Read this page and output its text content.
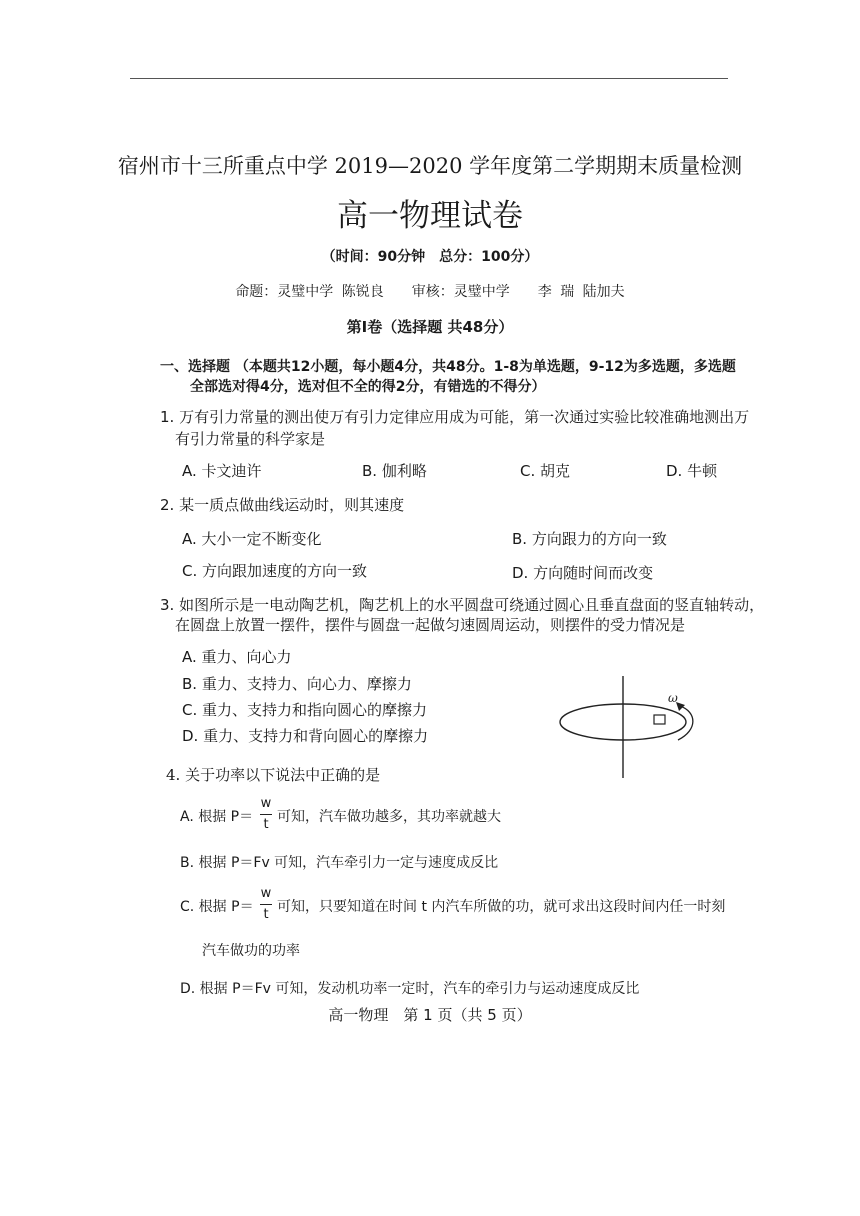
宿州市十三所重点中学 2019—2020 学年度第二学期期末质量检测
高一物理试卷
（时间：90分钟　总分：100分）
命题：灵璧中学 陈锐良　　审核：灵璧中学　　李 瑞 陆加夫
第I卷（选择题 共48分）
一、选择题 （本题共12小题，每小题4分，共48分。1-8为单选题，9-12为多选题，多选题
全部选对得4分，选对但不全的得2分，有错选的不得分）
1. 万有引力常量的测出使万有引力定律应用成为可能，第一次通过实验比较准确地测出万
有引力常量的科学家是
A. 卡文迪许	B. 伽利略	C. 胡克	D. 牛顿
2. 某一质点做曲线运动时，则其速度
A. 大小一定不断变化	B. 方向跟力的方向一致
C. 方向跟加速度的方向一致	D. 方向随时间而改变
3. 如图所示是一电动陶艺机，陶艺机上的水平圆盘可绕通过圆心且垂直盘面的竖直轴转动，
在圆盘上放置一摆件，摆件与圆盘一起做匀速圆周运动，则摆件的受力情况是
A. 重力、向心力
B. 重力、支持力、向心力、摩擦力
C. 重力、支持力和指向圆心的摩擦力
D. 重力、支持力和背向圆心的摩擦力
ω
4. 关于功率以下说法中正确的是
A. 根据 P＝
w
t 可知，汽车做功越多，其功率就越大
B. 根据 P＝Fv 可知，汽车牵引力一定与速度成反比
C. 根据 P＝
w
t 可知，只要知道在时间 t 内汽车所做的功，就可求出这段时间内任一时刻
汽车做功的功率
D. 根据 P＝Fv 可知，发动机功率一定时，汽车的牵引力与运动速度成反比
高一物理　第 1 页（共 5 页）
